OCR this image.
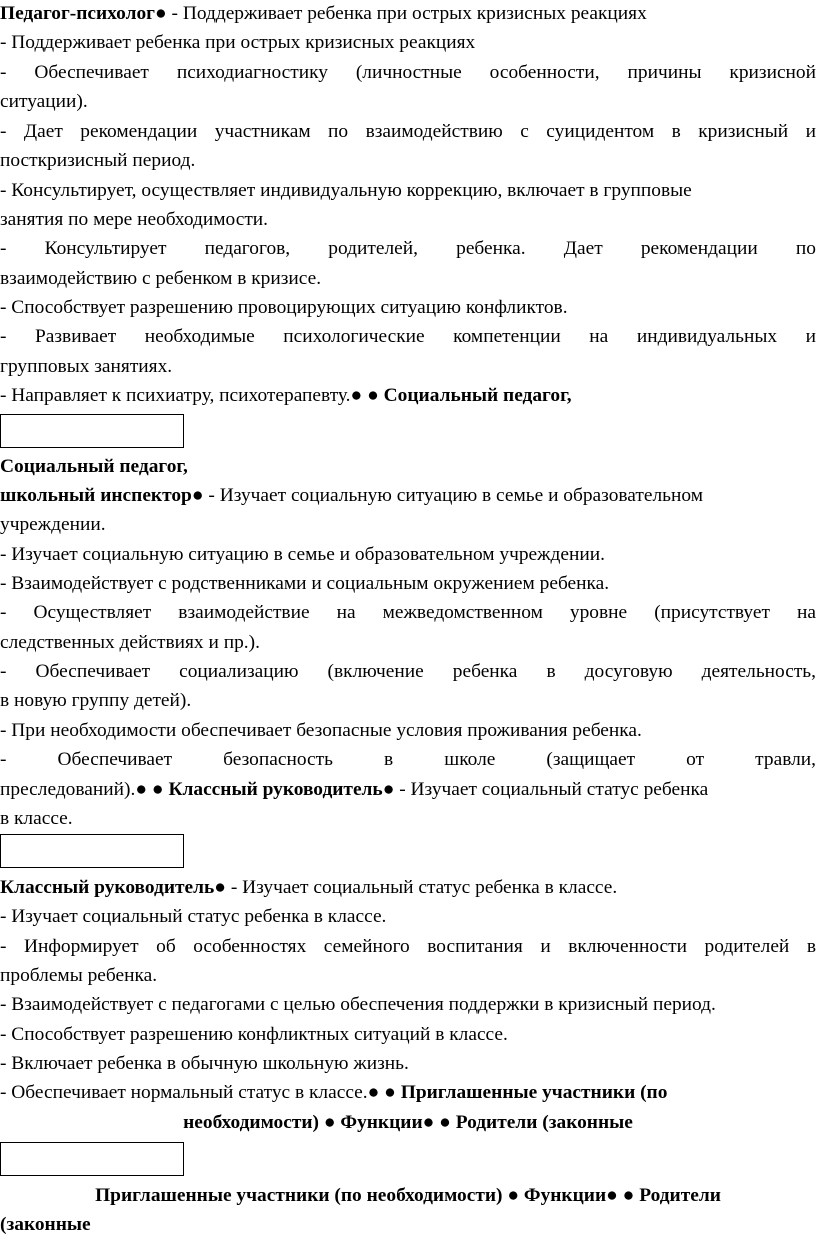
Педагог-психолог● - Поддерживает ребенка при острых кризисных реакциях
- Поддерживает ребенка при острых кризисных реакциях
- Обеспечивает психодиагностику (личностные особенности, причины кризисной
ситуации).
- Дает рекомендации участникам по взаимодействию с суицидентом в кризисный и
посткризисный период.
- Консультирует, осуществляет индивидуальную коррекцию, включает в групповые
занятия по мере необходимости.
- Консультирует педагогов, родителей, ребенка. Дает рекомендации по
взаимодействию с ребенком в кризисе.
- Способствует разрешению провоцирующих ситуацию конфликтов.
- Развивает необходимые психологические компетенции на индивидуальных и
групповых занятиях.
- Направляет к психиатру, психотерапевту.● ● Социальный педагог,
Социальный педагог,
школьный инспектор● - Изучает социальную ситуацию в семье и образовательном
учреждении.
- Изучает социальную ситуацию в семье и образовательном учреждении.
- Взаимодействует с родственниками и социальным окружением ребенка.
- Осуществляет взаимодействие на межведомственном уровне (присутствует на
следственных действиях и пр.).
- Обеспечивает социализацию (включение ребенка в досуговую деятельность,
в новую группу детей).
- При необходимости обеспечивает безопасные условия проживания ребенка.
- Обеспечивает безопасность в школе (защищает от травли,
преследований).● ● Классный руководитель● - Изучает социальный статус ребенка
в классе.
Классный руководитель● - Изучает социальный статус ребенка в классе.
- Изучает социальный статус ребенка в классе.
- Информирует об особенностях семейного воспитания и включенности родителей в
проблемы ребенка.
- Взаимодействует с педагогами с целью обеспечения поддержки в кризисный период.
- Способствует разрешению конфликтных ситуаций в классе.
- Включает ребенка в обычную школьную жизнь.
- Обеспечивает нормальный статус в классе.● ● Приглашенные участники (по
необходимости) ● Функции● ● Родители (законные
Приглашенные участники (по необходимости) ● Функции● ● Родители
(законные
